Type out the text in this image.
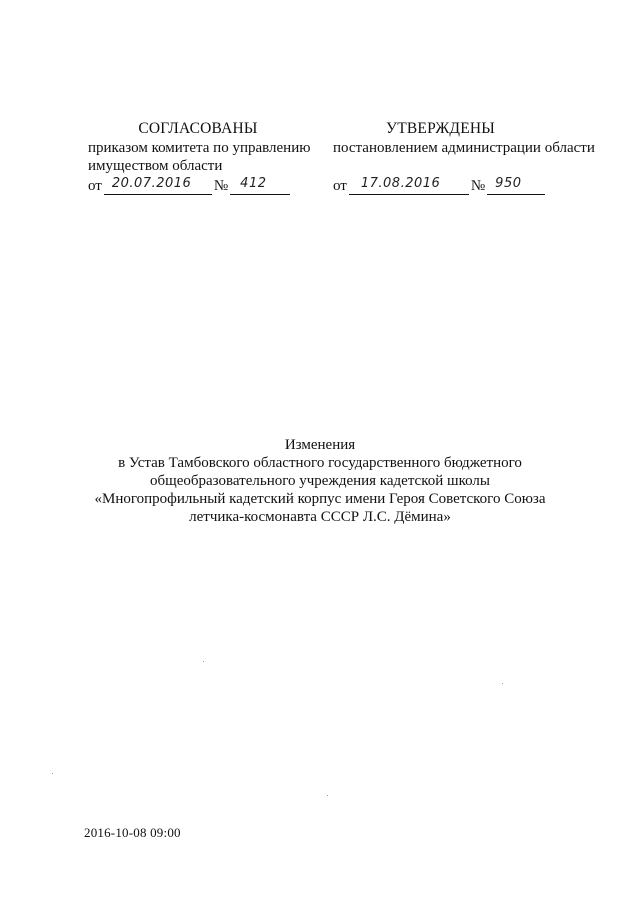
СОГЛАСОВАНЫ
приказом комитета по управлению
имуществом области
от 20.07.2016 № 412
УТВЕРЖДЕНЫ
постановлением администрации области
от 17.08.2016 № 950
Изменения
в Устав Тамбовского областного государственного бюджетного
общеобразовательного учреждения кадетской школы
«Многопрофильный кадетский корпус имени Героя Советского Союза
летчика-космонавта СССР Л.С. Дёмина»
2016-10-08 09:00
